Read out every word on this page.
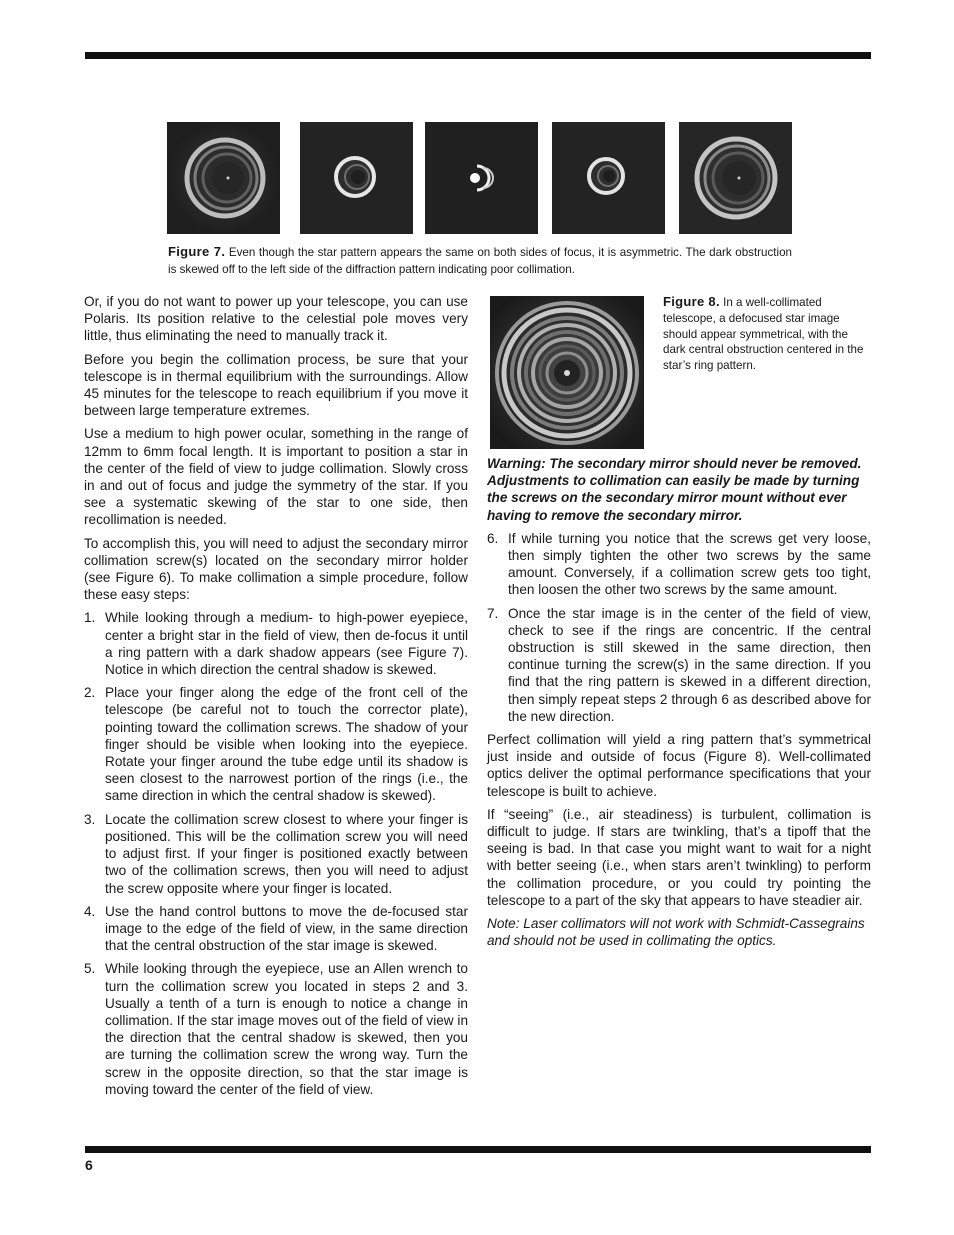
Figure 7. Even though the star pattern appears the same on both sides of focus, it is asymmetric. The dark obstruction is skewed off to the left side of the diffraction pattern indicating poor collimation.

Or, if you do not want to power up your telescope, you can use Polaris. Its position relative to the celestial pole moves very little, thus eliminating the need to manually track it.

Before you begin the collimation process, be sure that your telescope is in thermal equilibrium with the surroundings. Allow 45 minutes for the telescope to reach equilibrium if you move it between large temperature extremes.

Use a medium to high power ocular, something in the range of 12mm to 6mm focal length. It is important to position a star in the center of the field of view to judge collimation. Slowly cross in and out of focus and judge the symmetry of the star. If you see a systematic skewing of the star to one side, then recollimation is needed.

To accomplish this, you will need to adjust the secondary mirror collimation screw(s) located on the secondary mirror holder (see Figure 6). To make collimation a simple procedure, follow these easy steps:

1. While looking through a medium- to high-power eyepiece, center a bright star in the field of view, then de-focus it until a ring pattern with a dark shadow appears (see Figure 7). Notice in which direction the central shadow is skewed.
2. Place your finger along the edge of the front cell of the telescope (be careful not to touch the corrector plate), pointing toward the collimation screws. The shadow of your finger should be visible when looking into the eyepiece. Rotate your finger around the tube edge until its shadow is seen closest to the narrowest portion of the rings (i.e., the same direction in which the central shadow is skewed).
3. Locate the collimation screw closest to where your finger is positioned. This will be the collimation screw you will need to adjust first. If your finger is positioned exactly between two of the collimation screws, then you will need to adjust the screw opposite where your finger is located.
4. Use the hand control buttons to move the de-focused star image to the edge of the field of view, in the same direction that the central obstruction of the star image is skewed.
5. While looking through the eyepiece, use an Allen wrench to turn the collimation screw you located in steps 2 and 3. Usually a tenth of a turn is enough to notice a change in collimation. If the star image moves out of the field of view in the direction that the central shadow is skewed, then you are turning the collimation screw the wrong way. Turn the screw in the opposite direction, so that the star image is moving toward the center of the field of view.
Figure 8. In a well-collimated telescope, a defocused star image should appear symmetrical, with the dark central obstruction centered in the star’s ring pattern.

Warning: The secondary mirror should never be removed. Adjustments to collimation can easily be made by turning the screws on the secondary mirror mount without ever having to remove the secondary mirror.

6. If while turning you notice that the screws get very loose, then simply tighten the other two screws by the same amount. Conversely, if a collimation screw gets too tight, then loosen the other two screws by the same amount.
7. Once the star image is in the center of the field of view, check to see if the rings are concentric. If the central obstruction is still skewed in the same direction, then continue turning the screw(s) in the same direction. If you find that the ring pattern is skewed in a different direction, then simply repeat steps 2 through 6 as described above for the new direction.

Perfect collimation will yield a ring pattern that’s symmetrical just inside and outside of focus (Figure 8). Well-collimated optics deliver the optimal performance specifications that your telescope is built to achieve.

If “seeing” (i.e., air steadiness) is turbulent, collimation is difficult to judge. If stars are twinkling, that’s a tipoff that the seeing is bad. In that case you might want to wait for a night with better seeing (i.e., when stars aren’t twinkling) to perform the collimation procedure, or you could try pointing the telescope to a part of the sky that appears to have steadier air.

Note: Laser collimators will not work with Schmidt-Cassegrains and should not be used in collimating the optics.

6
